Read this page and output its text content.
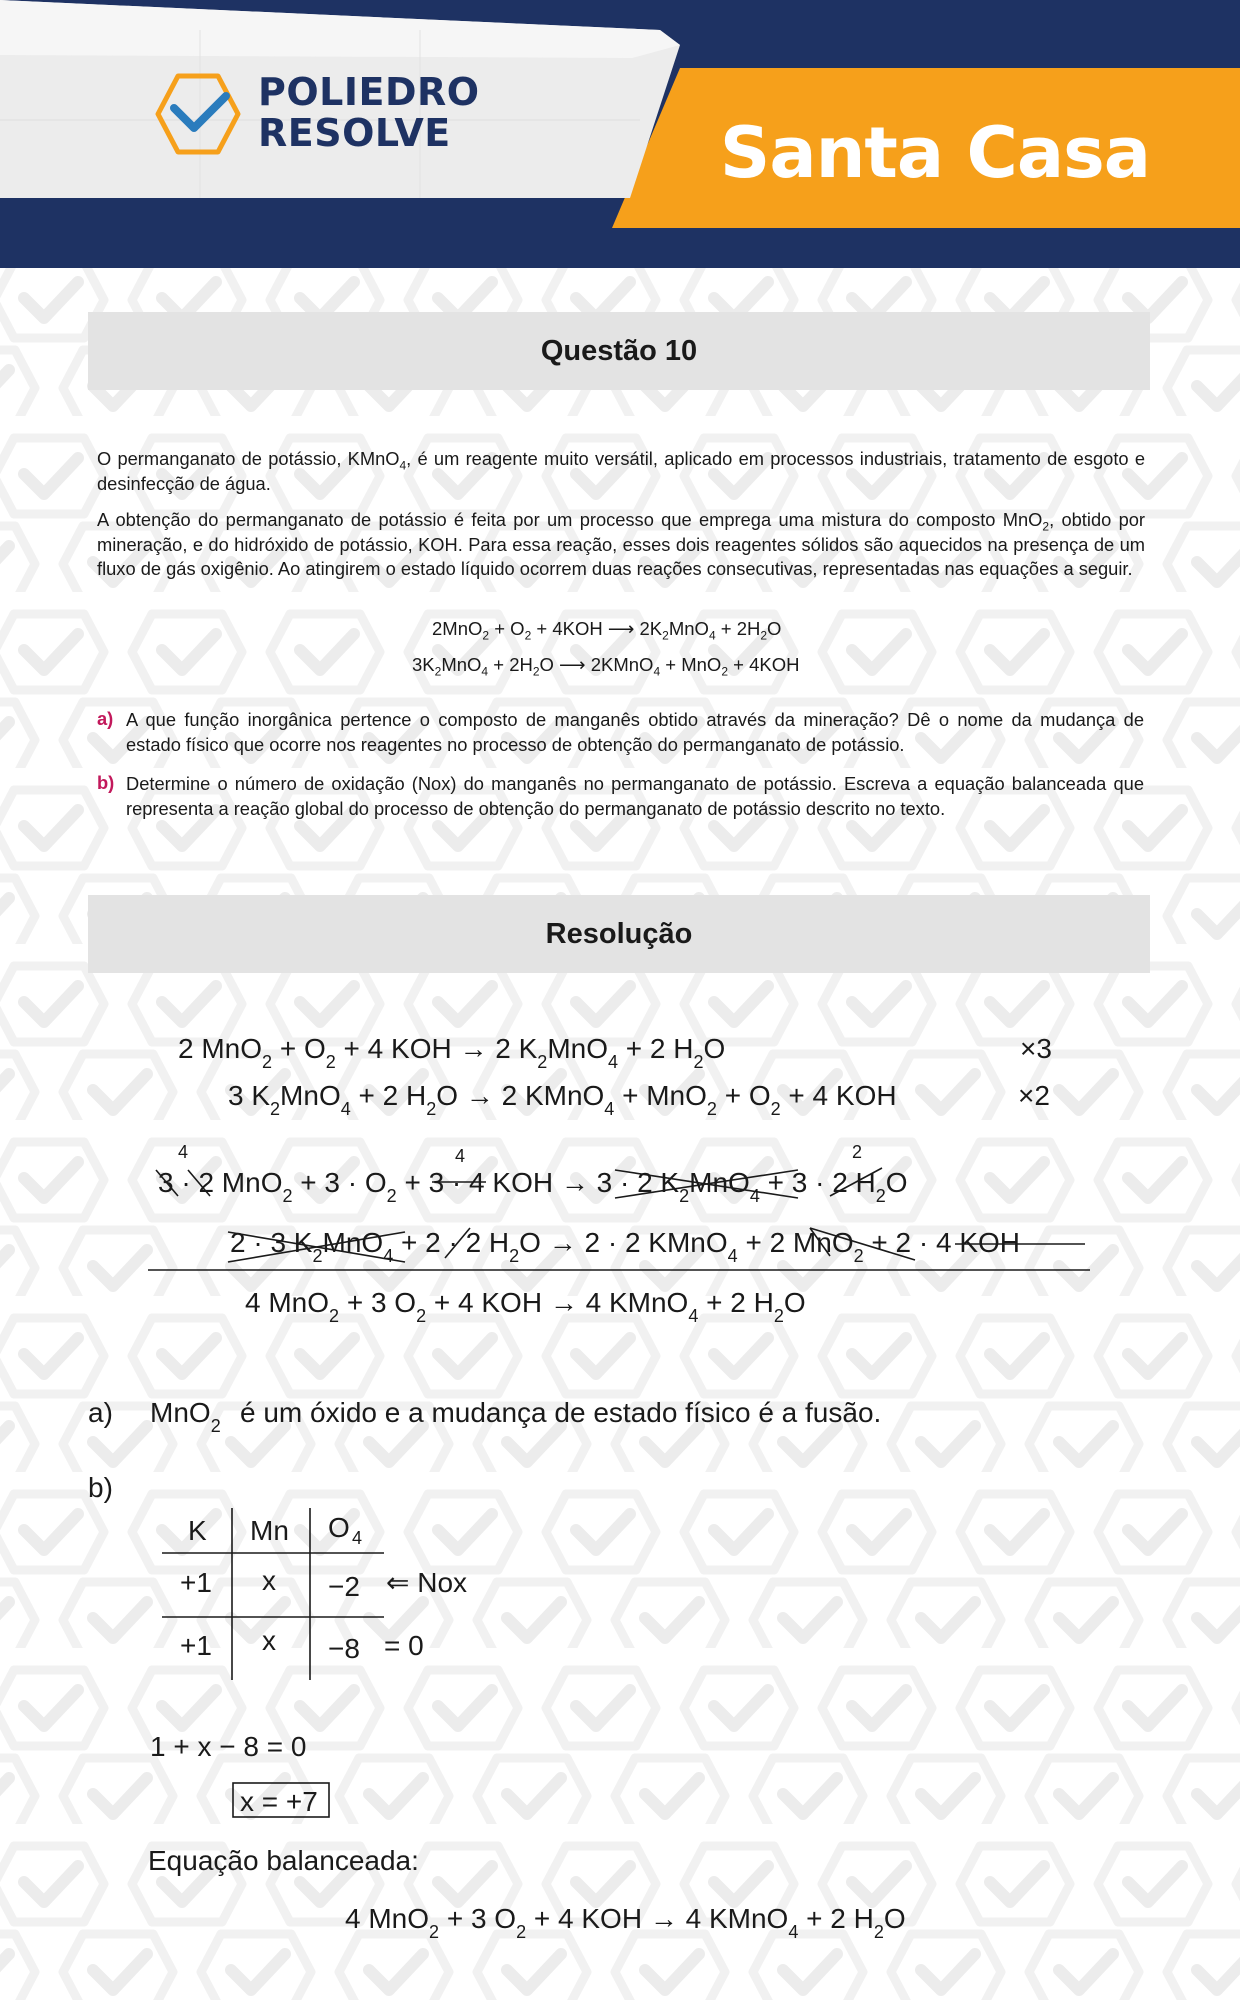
POLIEDRO
RESOLVE	Santa Casa
Questão 10
O permanganato de potássio, KMnO$_4$, é um reagente muito versátil, aplicado em processos industriais, tratamento de esgoto e desinfecção de água.
A obtenção do permanganato de potássio é feita por um processo que emprega uma mistura do composto MnO$_2$, obtido por mineração, e do hidróxido de potássio, KOH. Para essa reação, esses dois reagentes sólidos são aquecidos na presença de um fluxo de gás oxigênio. Ao atingirem o estado líquido ocorrem duas reações consecutivas, representadas nas equações a seguir.
$2MnO_2 + O_2 + 4KOH$ ⟶ $2K_2MnO_4 + 2H_2O$
$3K_2MnO_4 + 2H_2O$ ⟶ 2KMnO$_4$ + MnO$_2$ + 4KOH
a) A que função inorgânica pertence o composto de manganês obtido através da mineração? Dê o nome da mudança de estado físico que ocorre nos reagentes no processo de obtenção do permanganato de potássio.
b) Determine o número de oxidação (Nox) do manganês no permanganato de potássio. Escreva a equação balanceada que representa a reação global do processo de obtenção do permanganato de potássio descrito no texto.
Resolução
2 $MnO_2 + O_2 + 4$ KOH → 2 $K_2MnO_4 + 2$ $H_2O$	×3
3 $K_2MnO_4 + 2$ $H_2O \to 2$ KMnO$_4$ + $MnO_2 + O_2 + 4$ KOH	×2
4	4	2
3 · 2 $MnO_2 + 3 \cdot O_2 + 3 \cdot 4$ KOH → 3 · 2 $K_2MnO_4 + 3 \cdot 2$ $H_2O$
2 · 3 $K_2MnO_4 + 2 \cdot 2$ $H_2O \to 2 \cdot 2$ KMnO$_4$ + 2 MnO$_2$ + 2 · 4 KOH
4 MnO$_2$ + 3 $O_2 + 4$ KOH → 4 KMnO$_4$ + 2 $H_2O$
a) MnO$_2$ é um óxido e a mudança de estado físico é a fusão.
b)
K Mn O 4
+1 x −2 ⇐ Nox
+1 x −8 = 0
1 + x − 8 = 0
x = +7
Equação balanceada:
4 MnO$_2$ + 3 $O_2 + 4$ KOH → 4 KMnO$_4$ + 2 $H_2O$
